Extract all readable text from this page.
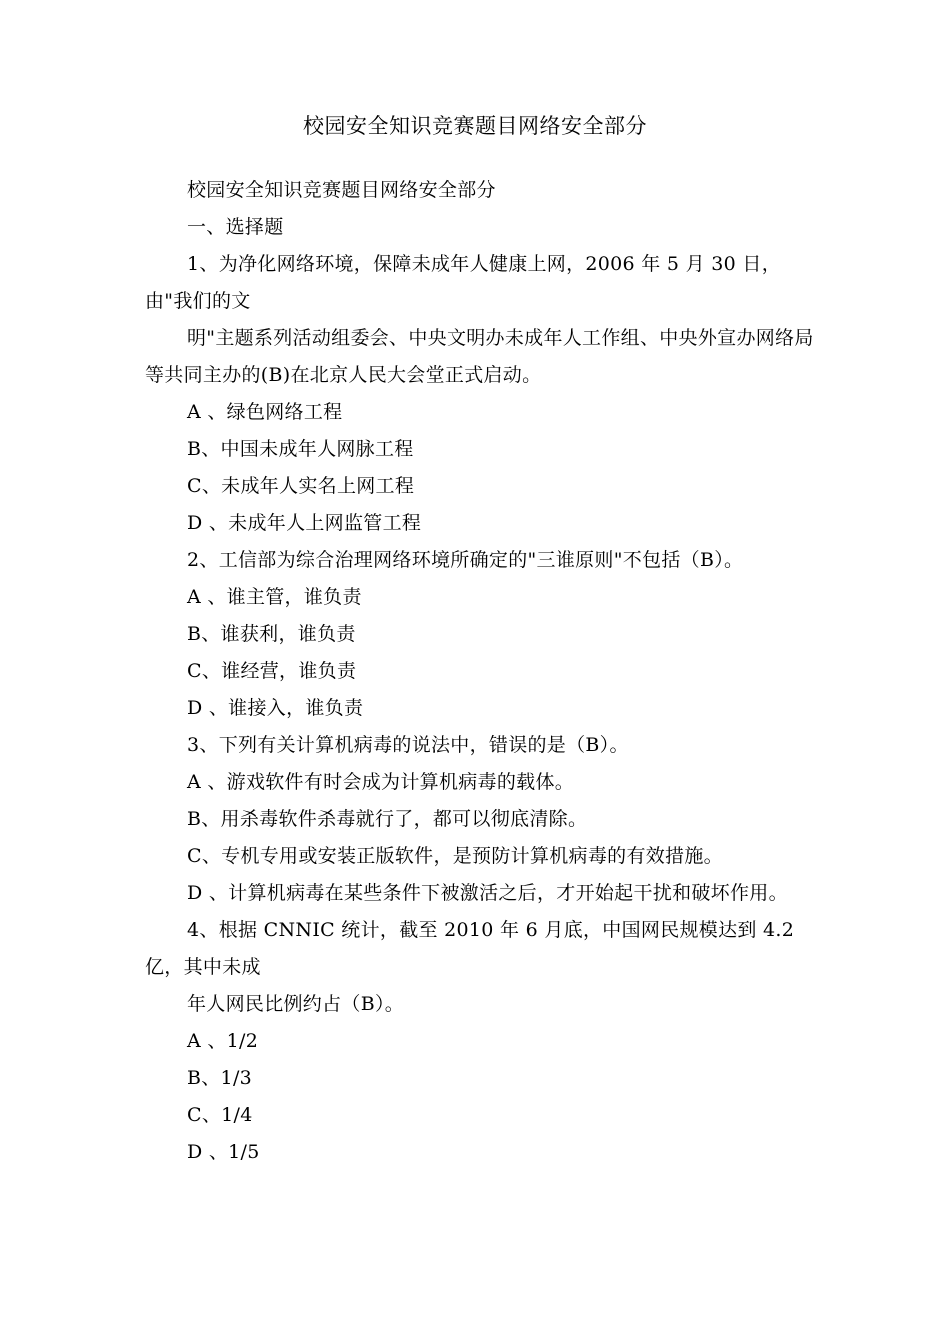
校园安全知识竞赛题目网络安全部分

校园安全知识竞赛题目网络安全部分

一、选择题

1、为净化网络环境，保障未成年人健康上网，2006 年 5 月 30 日，由"我们的文

明"主题系列活动组委会、中央文明办未成年人工作组、中央外宣办网络局等共同主办的(B)在北京人民大会堂正式启动。

A 、绿色网络工程

B、中国未成年人网脉工程

C、未成年人实名上网工程

D 、未成年人上网监管工程

2、工信部为综合治理网络环境所确定的"三谁原则"不包括（B）。

A 、谁主管，谁负责

B、谁获利，谁负责

C、谁经营，谁负责

D 、谁接入，谁负责

3、下列有关计算机病毒的说法中，错误的是（B）。

A 、游戏软件有时会成为计算机病毒的载体。

B、用杀毒软件杀毒就行了，都可以彻底清除。

C、专机专用或安装正版软件，是预防计算机病毒的有效措施。

D 、计算机病毒在某些条件下被激活之后，才开始起干扰和破坏作用。

4、根据 CNNIC 统计，截至 2010 年 6 月底，中国网民规模达到 4.2亿，其中未成

年人网民比例约占（B）。

A 、1/2

B、1/3

C、1/4

D 、1/5
